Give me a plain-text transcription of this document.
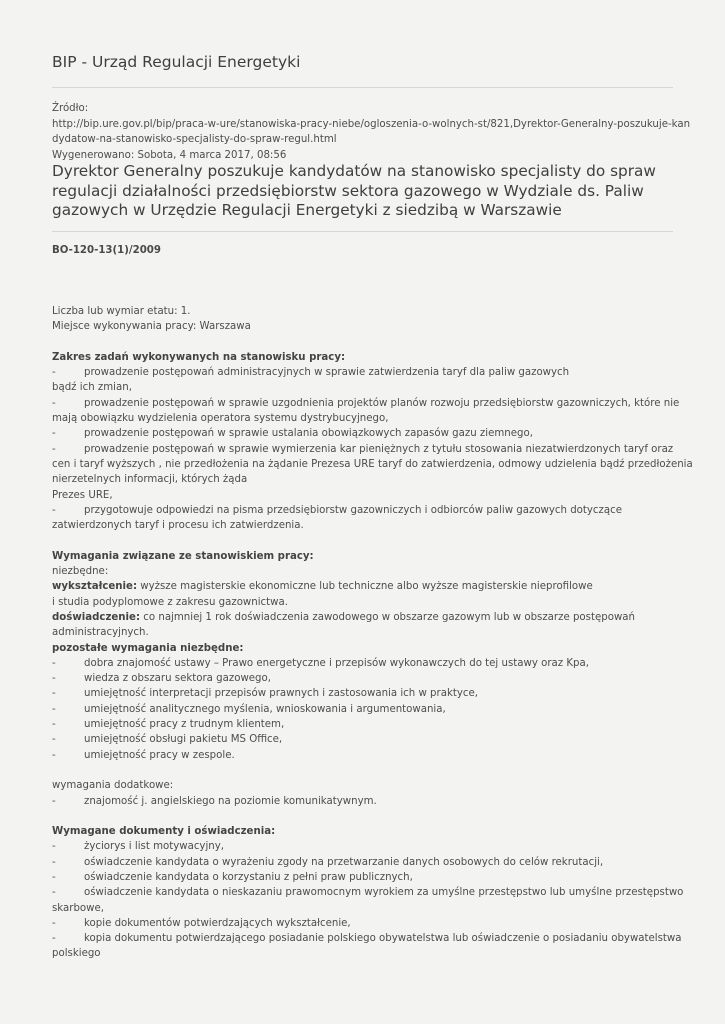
BIP - Urząd Regulacji Energetyki
Źródło:
http://bip.ure.gov.pl/bip/praca-w-ure/stanowiska-pracy-niebe/ogloszenia-o-wolnych-st/821,Dyrektor-Generalny-poszukuje-kan
dydatow-na-stanowisko-specjalisty-do-spraw-regul.html
Wygenerowano: Sobota, 4 marca 2017, 08:56
Dyrektor Generalny poszukuje kandydatów na stanowisko specjalisty do spraw regulacji działalności przedsiębiorstw sektora gazowego w Wydziale ds. Paliw gazowych w Urzędzie Regulacji Energetyki z siedzibą w Warszawie
BO-120-13(1)/2009
Liczba lub wymiar etatu: 1.
Miejsce wykonywania pracy: Warszawa
Zakres zadań wykonywanych na stanowisku pracy:
-	prowadzenie postępowań administracyjnych w sprawie zatwierdzenia taryf dla paliw gazowych
bądź ich zmian,
-	prowadzenie postępowań w sprawie uzgodnienia projektów planów rozwoju przedsiębiorstw gazowniczych, które nie
mają obowiązku wydzielenia operatora systemu dystrybucyjnego,
-	prowadzenie postępowań w sprawie ustalania obowiązkowych zapasów gazu ziemnego,
-	prowadzenie postępowań w sprawie wymierzenia kar pieniężnych z tytułu stosowania niezatwierdzonych taryf oraz
cen i taryf wyższych , nie przedłożenia na żądanie Prezesa URE taryf do zatwierdzenia, odmowy udzielenia bądź przedłożenia
nierzetelnych informacji, których żąda
Prezes URE,
-	przygotowuje odpowiedzi na pisma przedsiębiorstw gazowniczych i odbiorców paliw gazowych dotyczące
zatwierdzonych taryf i procesu ich zatwierdzenia.
Wymagania związane ze stanowiskiem pracy:
niezbędne:
wykształcenie: wyższe magisterskie ekonomiczne lub techniczne albo wyższe magisterskie nieprofilowe
i studia podyplomowe z zakresu gazownictwa.
doświadczenie: co najmniej 1 rok doświadczenia zawodowego w obszarze gazowym lub w obszarze postępowań
administracyjnych.
pozostałe wymagania niezbędne:
-	dobra znajomość ustawy – Prawo energetyczne i przepisów wykonawczych do tej ustawy oraz Kpa,
-	wiedza z obszaru sektora gazowego,
-	umiejętność interpretacji przepisów prawnych i zastosowania ich w praktyce,
-	umiejętność analitycznego myślenia, wnioskowania i argumentowania,
-	umiejętność pracy z trudnym klientem,
-	umiejętność obsługi pakietu MS Office,
-	umiejętność pracy w zespole.
wymagania dodatkowe:
-	znajomość j. angielskiego na poziomie komunikatywnym.
Wymagane dokumenty i oświadczenia:
-	życiorys i list motywacyjny,
-	oświadczenie kandydata o wyrażeniu zgody na przetwarzanie danych osobowych do celów rekrutacji,
-	oświadczenie kandydata o korzystaniu z pełni praw publicznych,
-	oświadczenie kandydata o nieskazaniu prawomocnym wyrokiem za umyślne przestępstwo lub umyślne przestępstwo
skarbowe,
-	kopie dokumentów potwierdzających wykształcenie,
-	kopia dokumentu potwierdzającego posiadanie polskiego obywatelstwa lub oświadczenie o posiadaniu obywatelstwa
polskiego
